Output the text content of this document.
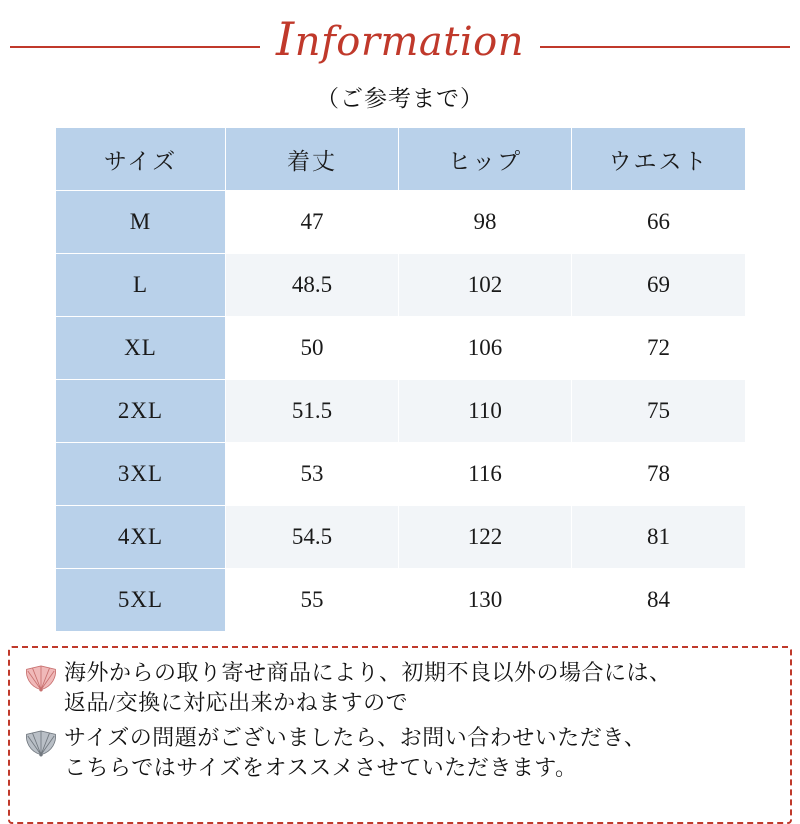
Information
（ご参考まで）
サイズ	着丈	ヒップ	ウエスト
M	47	98	66
L	48.5	102	69
XL	50	106	72
2XL	51.5	110	75
3XL	53	116	78
4XL	54.5	122	81
5XL	55	130	84
海外からの取り寄せ商品により、初期不良以外の場合には、
返品/交換に対応出来かねますので
サイズの問題がございましたら、お問い合わせいただき、
こちらではサイズをオススメさせていただきます。
